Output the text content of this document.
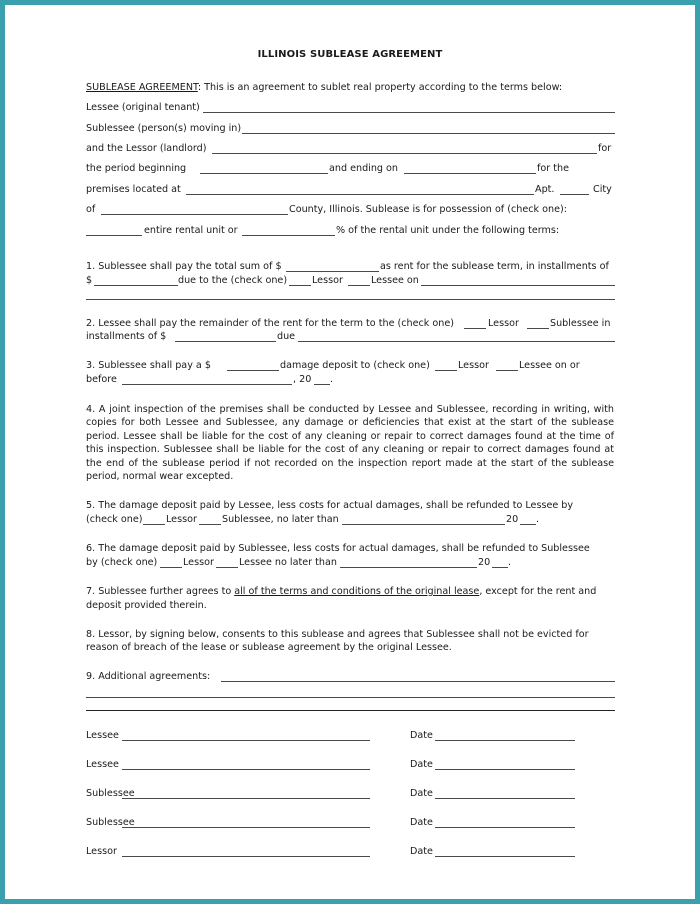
ILLINOIS SUBLEASE AGREEMENT
SUBLEASE AGREEMENT: This is an agreement to sublet real property according to the terms below:
Lessee (original tenant)
Sublessee (person(s) moving in)
and the Lessor (landlord)	for
the period beginning	and ending on	for the
premises located at	Apt.	City
of	County, Illinois. Sublease is for possession of (check one):
entire rental unit or	% of the rental unit under the following terms:
1. Sublessee shall pay the total sum of $	as rent for the sublease term, in installments of
$	due to the (check one)	Lessor	Lessee on
2. Lessee shall pay the remainder of the rent for the term to the (check one)	Lessor	Sublessee in
installments of $	due
3. Sublessee shall pay a $	damage deposit to (check one)	Lessor	Lessee on or
before	, 20 .
4. A joint inspection of the premises shall be conducted by Lessee and Sublessee, recording in writing, with copies for both Lessee and Sublessee, any damage or deficiencies that exist at the start of the sublease period. Lessee shall be liable for the cost of any cleaning or repair to correct damages found at the time of this inspection. Sublessee shall be liable for the cost of any cleaning or repair to correct damages found at the end of the sublease period if not recorded on the inspection report made at the start of the sublease period, normal wear excepted.
5. The damage deposit paid by Lessee, less costs for actual damages, shall be refunded to Lessee by
(check one) Lessor	Sublessee, no later than	20 .
6. The damage deposit paid by Sublessee, less costs for actual damages, shall be refunded to Sublessee
by (check one)	Lessor	Lessee no later than	20 .
7. Sublessee further agrees to all of the terms and conditions of the original lease, except for the rent and
deposit provided therein.
8. Lessor, by signing below, consents to this sublease and agrees that Sublessee shall not be evicted for reason of breach of the lease or sublease agreement by the original Lessee.
9. Additional agreements:
Lessee	Date
Lessee	Date
Sublessee	Date
Sublessee	Date
Lessor	Date
